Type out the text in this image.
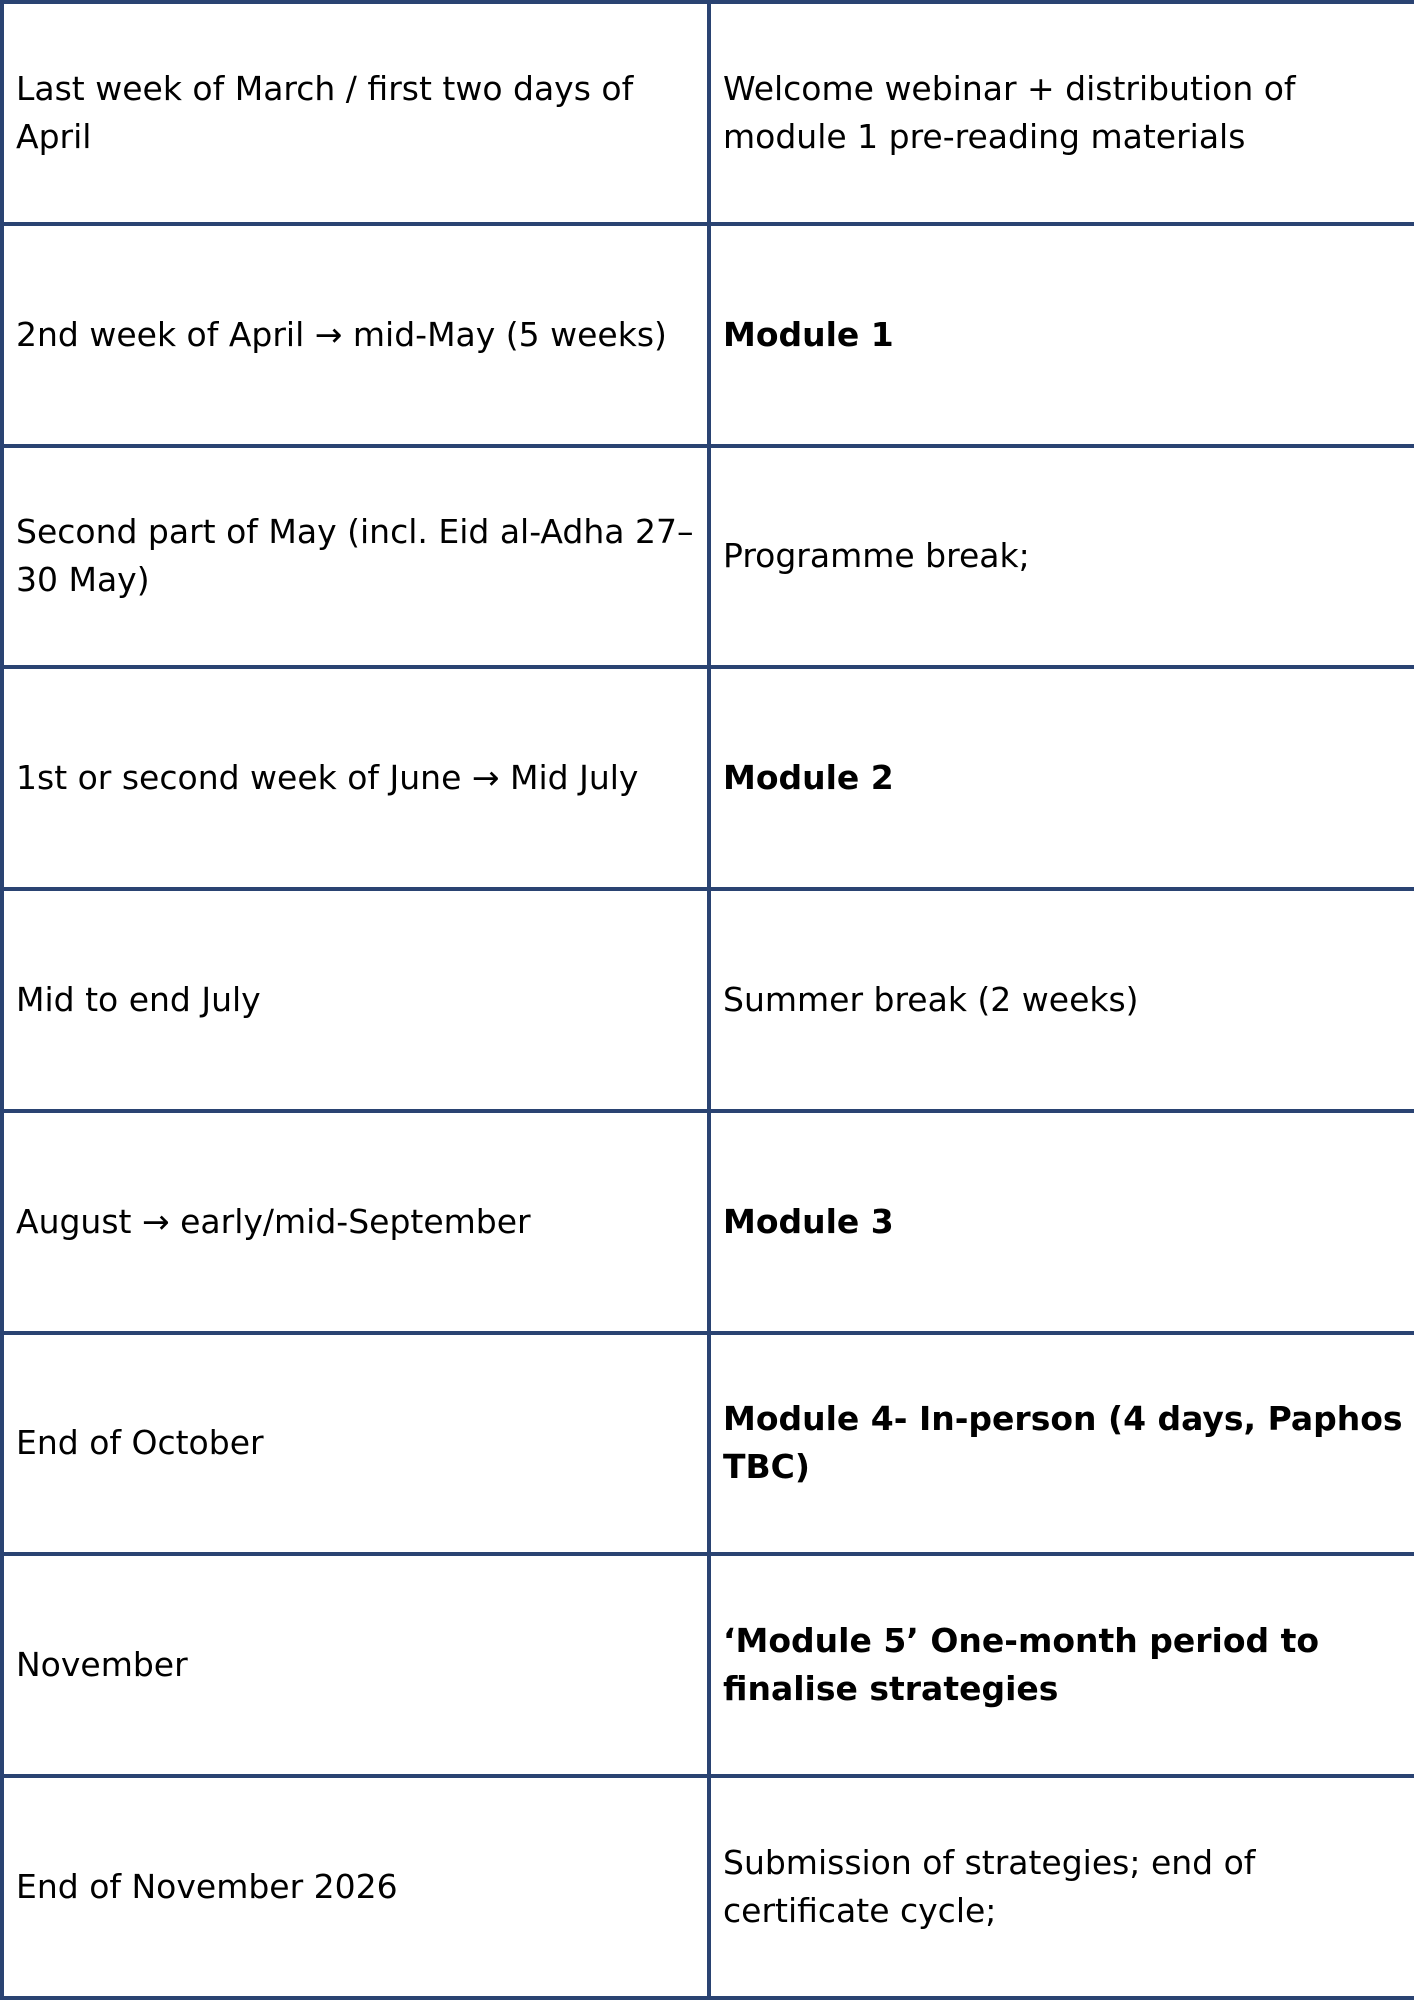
Last week of March / first two days of April	Welcome webinar + distribution of module 1 pre-reading materials
2nd week of April → mid-May (5 weeks)	Module 1
Second part of May (incl. Eid al-Adha 27–30 May)	Programme break;
1st or second week of June → Mid July	Module 2
Mid to end July	Summer break (2 weeks)
August → early/mid-September	Module 3
End of October	Module 4- In-person (4 days, Paphos TBC)
November	‘Module 5’ One-month period to finalise strategies
End of November 2026	Submission of strategies; end of certificate cycle;
